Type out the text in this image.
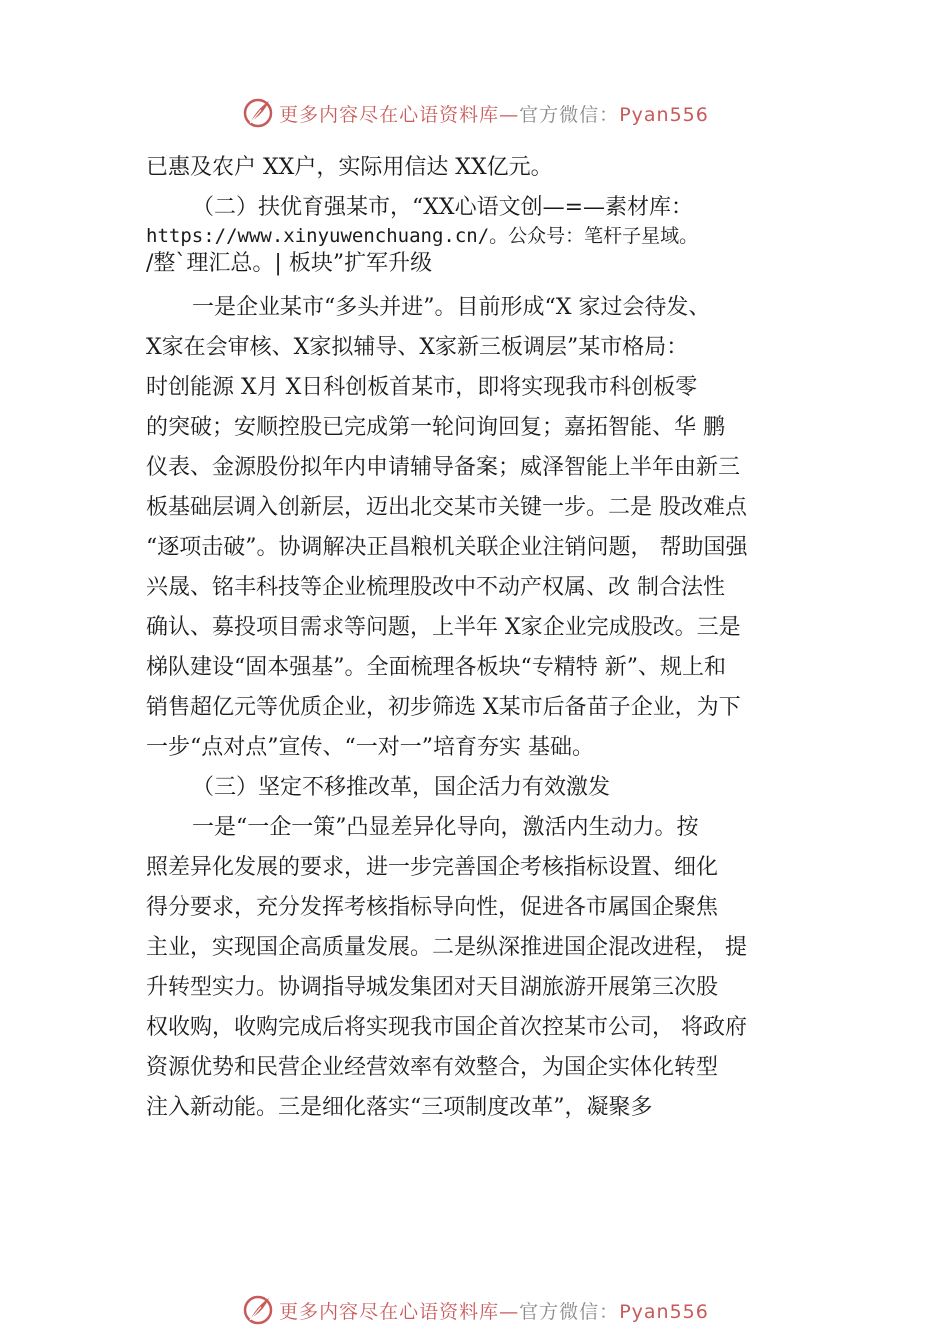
更多内容尽在心语资料库—官方微信：Pyan556
已惠及农户 XX户，实际用信达 XX亿元。
（二）扶优育强某市，“XX心语文创—=—素材库：
https://www.xinyuwenchuang.cn/。公众号：笔杆子星域。
/整`理汇总。| 板块”扩军升级
一是企业某市“多头并进”。目前形成“X 家过会待发、
X家在会审核、X家拟辅导、X家新三板调层”某市格局：
时创能源 X月 X日科创板首某市，即将实现我市科创板零
的突破；安顺控股已完成第一轮问询回复；嘉拓智能、华 鹏
仪表、金源股份拟年内申请辅导备案；威泽智能上半年由新三
板基础层调入创新层，迈出北交某市关键一步。二是 股改难点
“逐项击破”。协调解决正昌粮机关联企业注销问题， 帮助国强
兴晟、铭丰科技等企业梳理股改中不动产权属、改 制合法性
确认、募投项目需求等问题，上半年 X家企业完成股改。三是
梯队建设“固本强基”。全面梳理各板块“专精特 新”、规上和
销售超亿元等优质企业，初步筛选 X某市后备苗子企业，为下
一步“点对点”宣传、“一对一”培育夯实 基础。
（三）坚定不移推改革，国企活力有效激发
一是“一企一策”凸显差异化导向，激活内生动力。按
照差异化发展的要求，进一步完善国企考核指标设置、细化
得分要求，充分发挥考核指标导向性，促进各市属国企聚焦
主业，实现国企高质量发展。二是纵深推进国企混改进程， 提
升转型实力。协调指导城发集团对天目湖旅游开展第三次股
权收购，收购完成后将实现我市国企首次控某市公司， 将政府
资源优势和民营企业经营效率有效整合，为国企实体化转型
注入新动能。三是细化落实“三项制度改革”，凝聚多
更多内容尽在心语资料库—官方微信：Pyan556
